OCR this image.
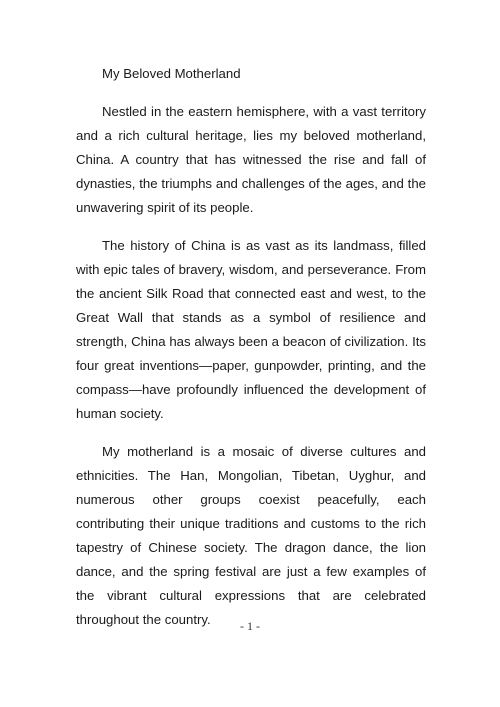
My Beloved Motherland

Nestled in the eastern hemisphere, with a vast territory and a rich cultural heritage, lies my beloved motherland, China. A country that has witnessed the rise and fall of dynasties, the triumphs and challenges of the ages, and the unwavering spirit of its people.

The history of China is as vast as its landmass, filled with epic tales of bravery, wisdom, and perseverance. From the ancient Silk Road that connected east and west, to the Great Wall that stands as a symbol of resilience and strength, China has always been a beacon of civilization. Its four great inventions—paper, gunpowder, printing, and the compass—have profoundly influenced the development of human society.

My motherland is a mosaic of diverse cultures and ethnicities. The Han, Mongolian, Tibetan, Uyghur, and numerous other groups coexist peacefully, each contributing their unique traditions and customs to the rich tapestry of Chinese society. The dragon dance, the lion dance, and the spring festival are just a few examples of the vibrant cultural expressions that are celebrated throughout the country.	- 1 -
